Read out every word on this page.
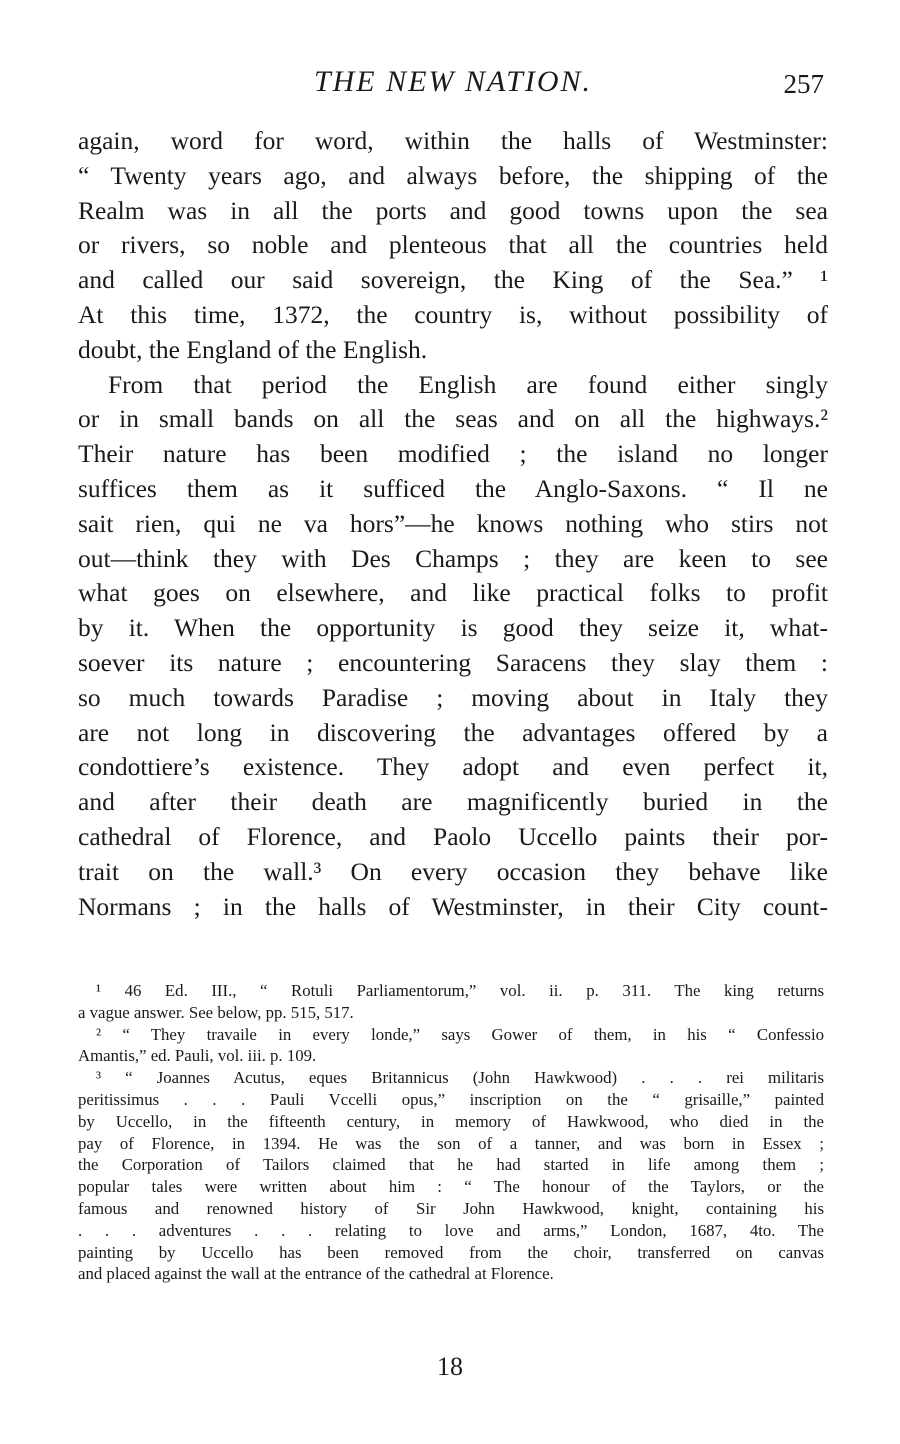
THE NEW NATION.	257
again, word for word, within the halls of Westminster:
“ Twenty years ago, and always before, the shipping of the
Realm was in all the ports and good towns upon the sea
or rivers, so noble and plenteous that all the countries held
and called our said sovereign, the King of the Sea.” ¹
At this time, 1372, the country is, without possibility of
doubt, the England of the English.
From that period the English are found either singly
or in small bands on all the seas and on all the highways.²
Their nature has been modified ; the island no longer
suffices them as it sufficed the Anglo-Saxons. “ Il ne
sait rien, qui ne va hors”—he knows nothing who stirs not
out—think they with Des Champs ; they are keen to see
what goes on elsewhere, and like practical folks to profit
by it. When the opportunity is good they seize it, what-
soever its nature ; encountering Saracens they slay them :
so much towards Paradise ; moving about in Italy they
are not long in discovering the advantages offered by a
condottiere’s existence. They adopt and even perfect it,
and after their death are magnificently buried in the
cathedral of Florence, and Paolo Uccello paints their por-
trait on the wall.³ On every occasion they behave like
Normans ; in the halls of Westminster, in their City count-
¹ 46 Ed. III., “ Rotuli Parliamentorum,” vol. ii. p. 311. The king returns
a vague answer. See below, pp. 515, 517.
² “ They travaile in every londe,” says Gower of them, in his “ Confessio
Amantis,” ed. Pauli, vol. iii. p. 109.
³ “ Joannes Acutus, eques Britannicus (John Hawkwood) . . . rei militaris
peritissimus . . . Pauli Vccelli opus,” inscription on the “ grisaille,” painted
by Uccello, in the fifteenth century, in memory of Hawkwood, who died in the
pay of Florence, in 1394. He was the son of a tanner, and was born in Essex ;
the Corporation of Tailors claimed that he had started in life among them ;
popular tales were written about him : “ The honour of the Taylors, or the
famous and renowned history of Sir John Hawkwood, knight, containing his
. . . adventures . . . relating to love and arms,” London, 1687, 4to. The
painting by Uccello has been removed from the choir, transferred on canvas
and placed against the wall at the entrance of the cathedral at Florence.
18
